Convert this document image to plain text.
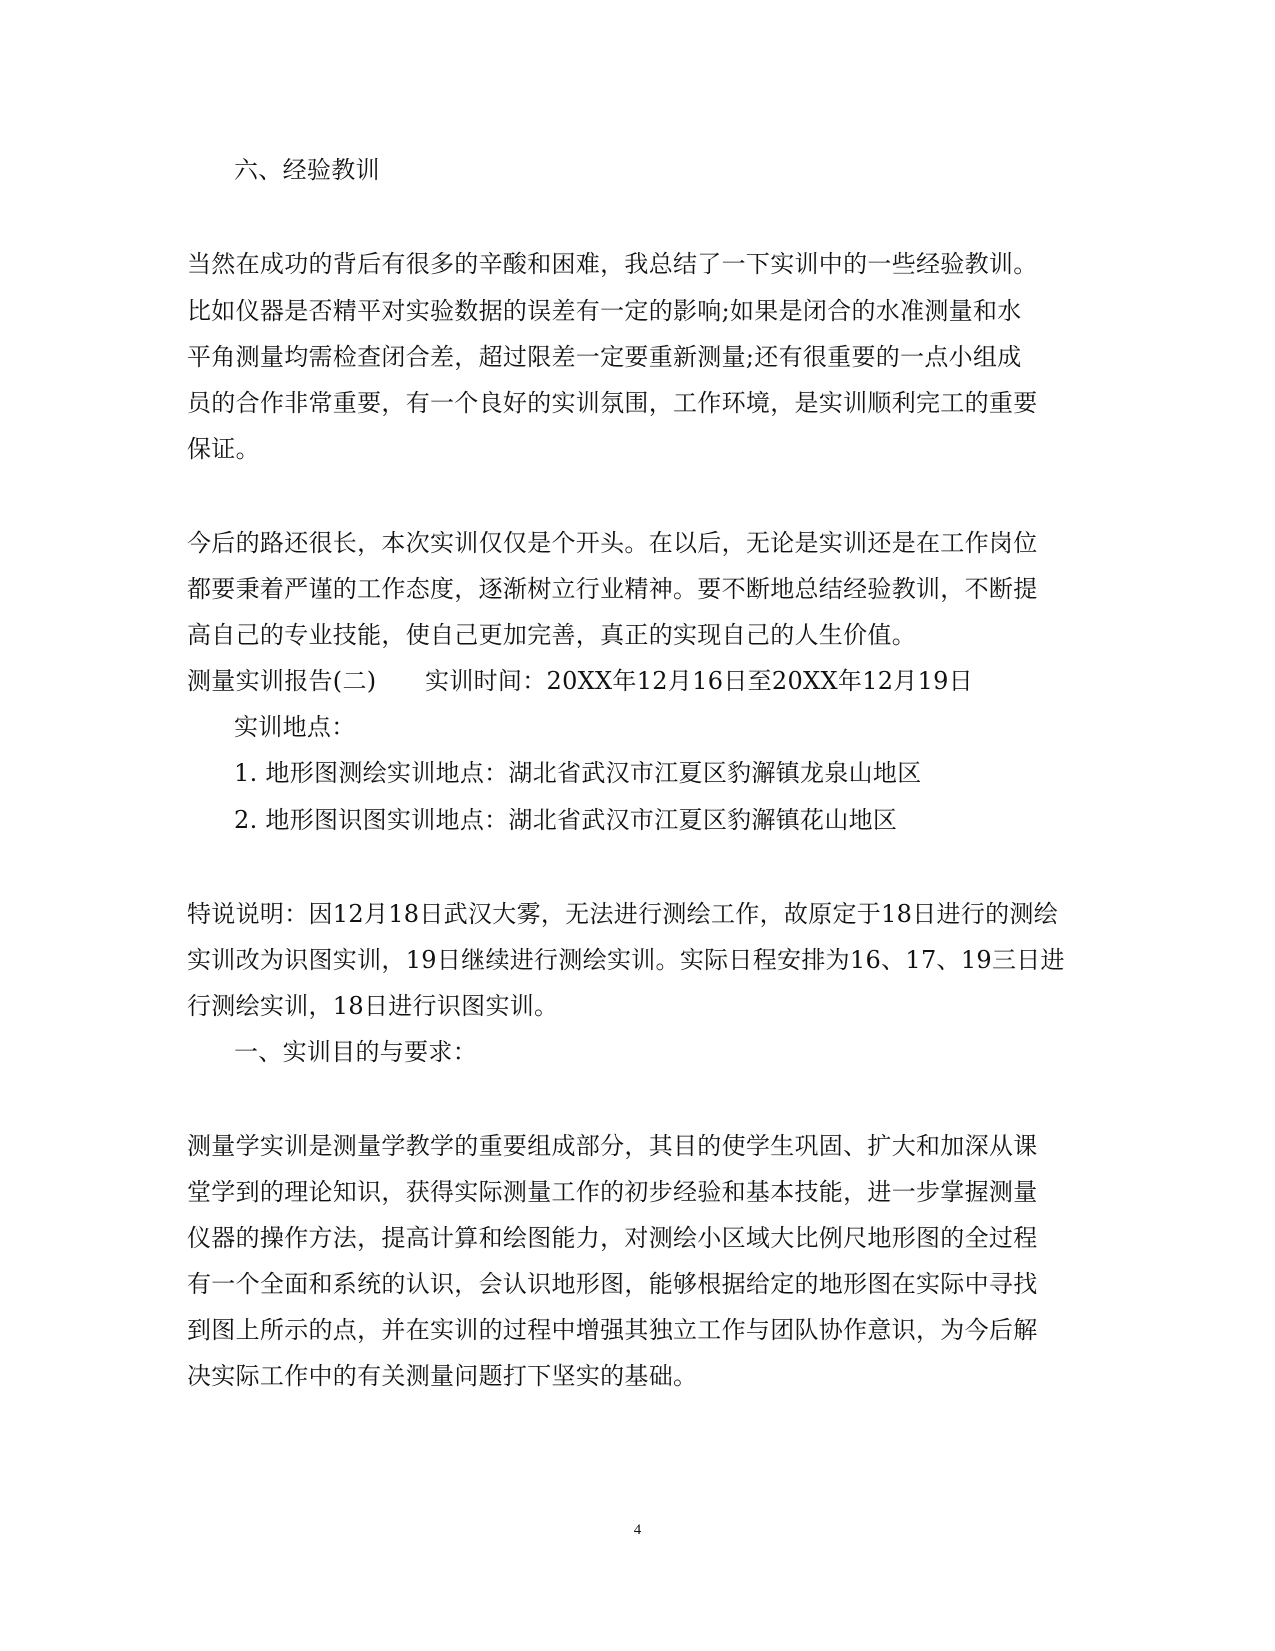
六、经验教训
当然在成功的背后有很多的辛酸和困难，我总结了一下实训中的一些经验教训。
比如仪器是否精平对实验数据的误差有一定的影响;如果是闭合的水准测量和水
平角测量均需检查闭合差，超过限差一定要重新测量;还有很重要的一点小组成
员的合作非常重要，有一个良好的实训氛围，工作环境，是实训顺利完工的重要
保证。
今后的路还很长，本次实训仅仅是个开头。在以后，无论是实训还是在工作岗位
都要秉着严谨的工作态度，逐渐树立行业精神。要不断地总结经验教训，不断提
高自己的专业技能，使自己更加完善，真正的实现自己的人生价值。
测量实训报告(二)　　实训时间：20XX年12月16日至20XX年12月19日
实训地点：
1. 地形图测绘实训地点：湖北省武汉市江夏区豹澥镇龙泉山地区
2. 地形图识图实训地点：湖北省武汉市江夏区豹澥镇花山地区
特说说明：因12月18日武汉大雾，无法进行测绘工作，故原定于18日进行的测绘
实训改为识图实训，19日继续进行测绘实训。实际日程安排为16、17、19三日进
行测绘实训，18日进行识图实训。
一、实训目的与要求：
测量学实训是测量学教学的重要组成部分，其目的使学生巩固、扩大和加深从课
堂学到的理论知识，获得实际测量工作的初步经验和基本技能，进一步掌握测量
仪器的操作方法，提高计算和绘图能力，对测绘小区域大比例尺地形图的全过程
有一个全面和系统的认识，会认识地形图，能够根据给定的地形图在实际中寻找
到图上所示的点，并在实训的过程中增强其独立工作与团队协作意识，为今后解
决实际工作中的有关测量问题打下坚实的基础。
4
